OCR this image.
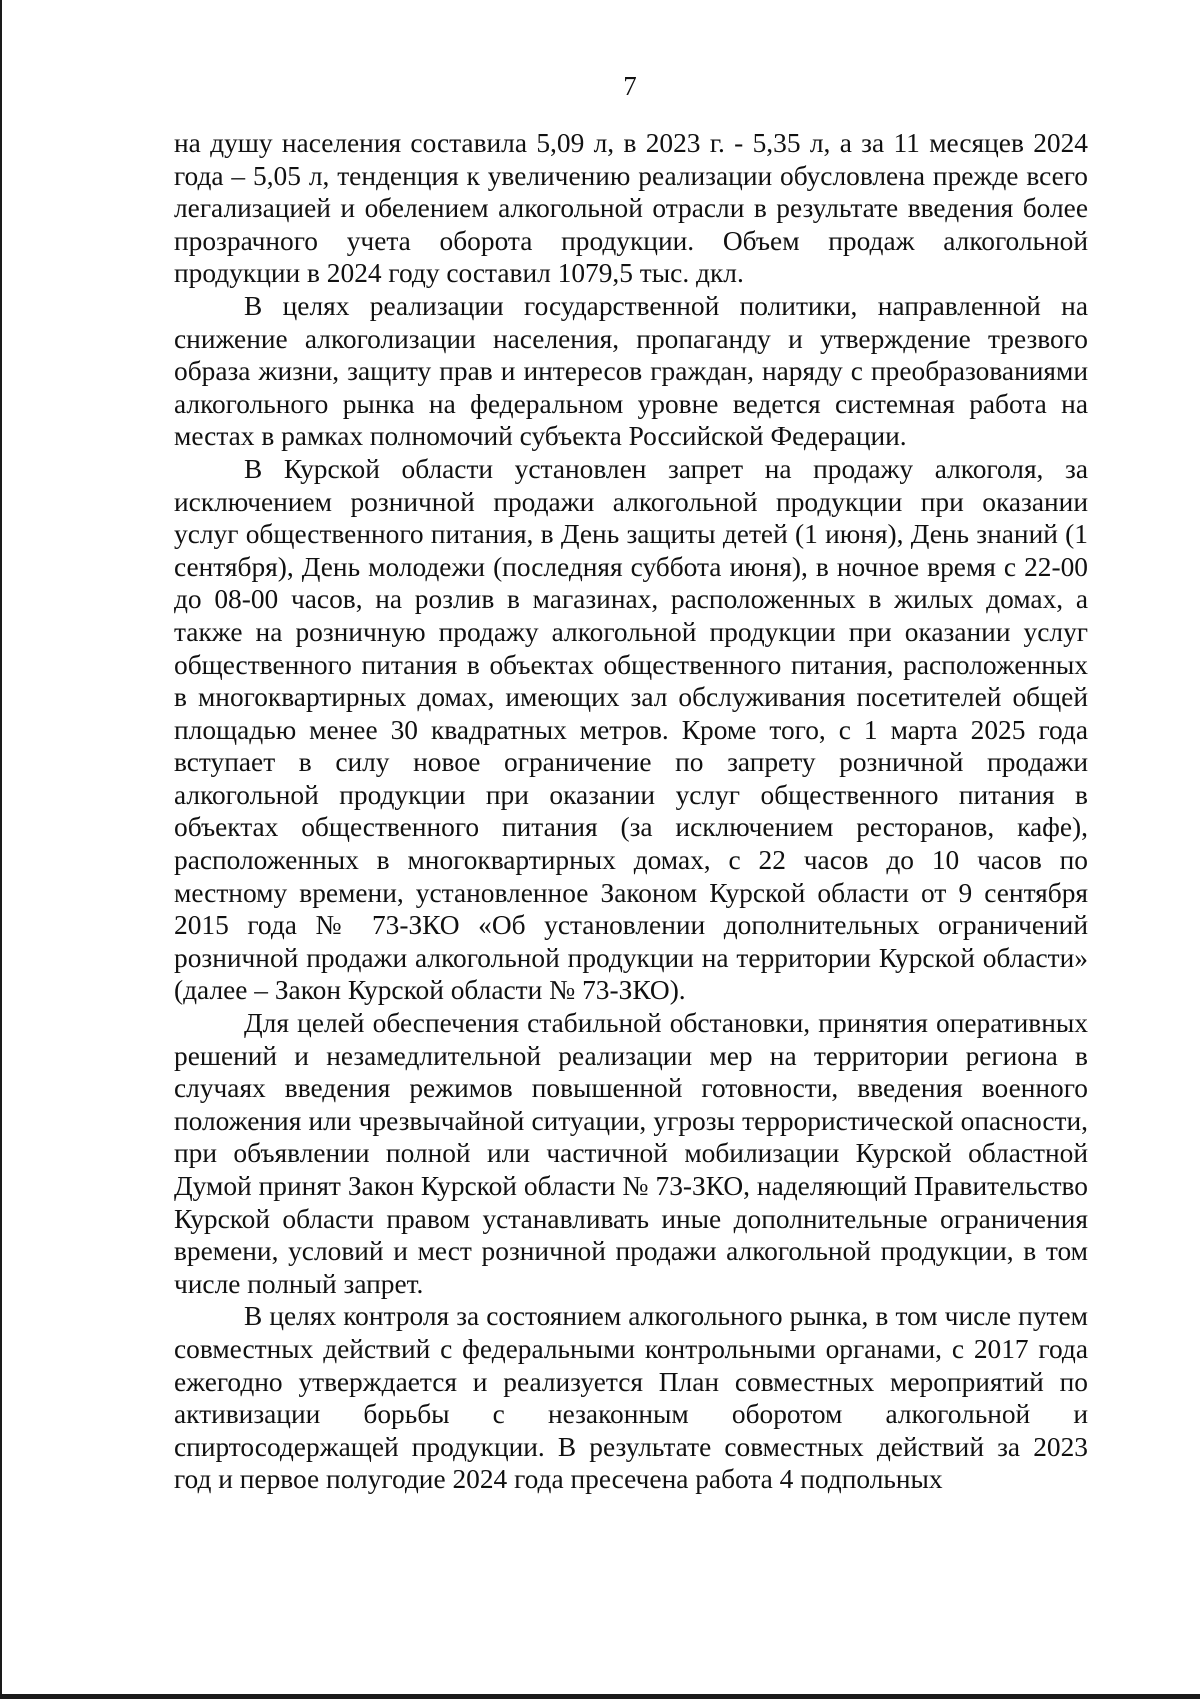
7

на душу населения составила 5,09 л, в 2023 г. - 5,35 л, а за 11 месяцев 2024 года – 5,05 л, тенденция к увеличению реализации обусловлена прежде всего легализацией и обелением алкогольной отрасли в результате введения более прозрачного учета оборота продукции. Объем продаж алкогольной продукции в 2024 году составил 1079,5 тыс. дкл.

В целях реализации государственной политики, направленной на снижение алкоголизации населения, пропаганду и утверждение трезвого образа жизни, защиту прав и интересов граждан, наряду с преобразованиями алкогольного рынка на федеральном уровне ведется системная работа на местах в рамках полномочий субъекта Российской Федерации.

В Курской области установлен запрет на продажу алкоголя, за исключением розничной продажи алкогольной продукции при оказании услуг общественного питания, в День защиты детей (1 июня), День знаний (1 сентября), День молодежи (последняя суббота июня), в ночное время с 22-00 до 08-00 часов, на розлив в магазинах, расположенных в жилых домах, а также на розничную продажу алкогольной продукции при оказании услуг общественного питания в объектах общественного питания, расположенных в многоквартирных домах, имеющих зал обслуживания посетителей общей площадью менее 30 квадратных метров. Кроме того, с 1 марта 2025 года вступает в силу новое ограничение по запрету розничной продажи алкогольной продукции при оказании услуг общественного питания в объектах общественного питания (за исключением ресторанов, кафе), расположенных в многоквартирных домах, с 22 часов до 10 часов по местному времени, установленное Законом Курской области от 9 сентября 2015 года № 73-ЗКО «Об установлении дополнительных ограничений розничной продажи алкогольной продукции на территории Курской области» (далее – Закон Курской области № 73-ЗКО).

Для целей обеспечения стабильной обстановки, принятия оперативных решений и незамедлительной реализации мер на территории региона в случаях введения режимов повышенной готовности, введения военного положения или чрезвычайной ситуации, угрозы террористической опасности, при объявлении полной или частичной мобилизации Курской областной Думой принят Закон Курской области № 73-ЗКО, наделяющий Правительство Курской области правом устанавливать иные дополнительные ограничения времени, условий и мест розничной продажи алкогольной продукции, в том числе полный запрет.

В целях контроля за состоянием алкогольного рынка, в том числе путем совместных действий с федеральными контрольными органами, с 2017 года ежегодно утверждается и реализуется План совместных мероприятий по активизации борьбы с незаконным оборотом алкогольной и спиртосодержащей продукции. В результате совместных действий за 2023 год и первое полугодие 2024 года пресечена работа 4 подпольных
